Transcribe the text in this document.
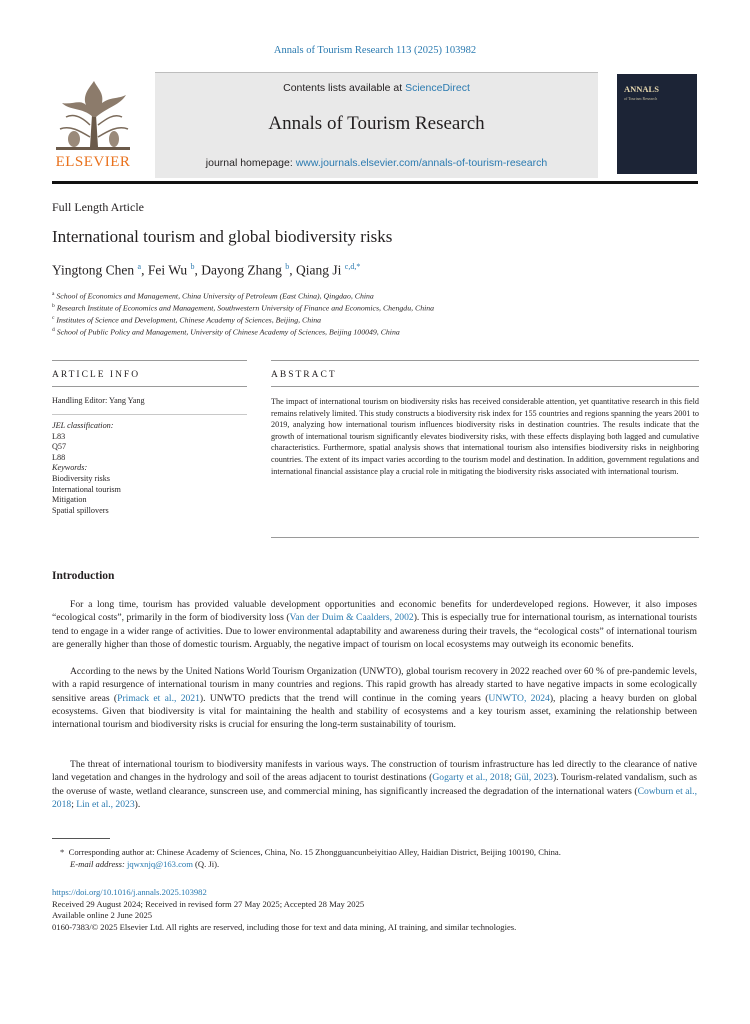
Annals of Tourism Research 113 (2025) 103982
Contents lists available at ScienceDirect
Annals of Tourism Research
journal homepage: www.journals.elsevier.com/annals-of-tourism-research
ELSEVIER
ANNALS
of Tourism Research
Full Length Article
International tourism and global biodiversity risks
Yingtong Chen $^a$, Fei Wu $^b$, Dayong Zhang $^b$, Qiang Ji $^{c,d,*}$
$^a$ School of Economics and Management, China University of Petroleum (East China), Qingdao, China
$^b$ Research Institute of Economics and Management, Southwestern University of Finance and Economics, Chengdu, China
$^c$ Institutes of Science and Development, Chinese Academy of Sciences, Beijing, China
$^d$ School of Public Policy and Management, University of Chinese Academy of Sciences, Beijing 100049, China
ARTICLE INFO
Handling Editor: Yang Yang
JEL classification:
L83
Q57
L88
Keywords:
Biodiversity risks
International tourism
Mitigation
Spatial spillovers
ABSTRACT
The impact of international tourism on biodiversity risks has received considerable attention, yet quantitative research in this field remains relatively limited. This study constructs a biodiversity risk index for 155 countries and regions spanning the years 2001 to 2019, analyzing how international tourism influences biodiversity risks in destination countries. The results indicate that the growth of international tourism significantly elevates biodiversity risks, with these effects displaying both lagged and cumulative characteristics. Furthermore, spatial analysis shows that international tourism also intensifies biodiversity risks in neighboring countries. The extent of its impact varies according to the tourism model and destination. In addition, government regulations and international financial assistance play a crucial role in mitigating the biodiversity risks associated with international tourism.
Introduction

For a long time, tourism has provided valuable development opportunities and economic benefits for underdeveloped regions. However, it also imposes “ecological costs”, primarily in the form of biodiversity loss (Van der Duim & Caalders, 2002). This is especially true for international tourism, as international tourists tend to engage in a wider range of activities. Due to lower environmental adaptability and awareness during their travels, the “ecological costs” of international tourism are generally higher than those of domestic tourism. Arguably, the negative impact of tourism on local ecosystems may outweigh its economic benefits.

According to the news by the United Nations World Tourism Organization (UNWTO), global tourism recovery in 2022 reached over 60 % of pre-pandemic levels, with a rapid resurgence of international tourism in many countries and regions. This rapid growth has already started to have negative impacts in some ecologically sensitive areas (Primack et al., 2021). UNWTO predicts that the trend will continue in the coming years (UNWTO, 2024), placing a heavy burden on global ecosystems. Given that biodiversity is vital for maintaining the health and stability of ecosystems and a key tourism asset, examining the relationship between international tourism and biodiversity risks is crucial for ensuring the long-term sustainability of tourism.

The threat of international tourism to biodiversity manifests in various ways. The construction of tourism infrastructure has led directly to the clearance of native land vegetation and changes in the hydrology and soil of the areas adjacent to tourist destinations (Gogarty et al., 2018; Gül, 2023). Tourism-related vandalism, such as the overuse of waste, wetland clearance, sunscreen use, and commercial mining, has significantly increased the degradation of the international waters (Cowburn et al., 2018; Lin et al., 2023).

* Corresponding author at: Chinese Academy of Sciences, China, No. 15 Zhongguancunbeiyitiao Alley, Haidian District, Beijing 100190, China.
E-mail address: jqwxnjq@163.com (Q. Ji).
https://doi.org/10.1016/j.annals.2025.103982
Received 29 August 2024; Received in revised form 27 May 2025; Accepted 28 May 2025
Available online 2 June 2025
0160-7383/© 2025 Elsevier Ltd. All rights are reserved, including those for text and data mining, AI training, and similar technologies.
